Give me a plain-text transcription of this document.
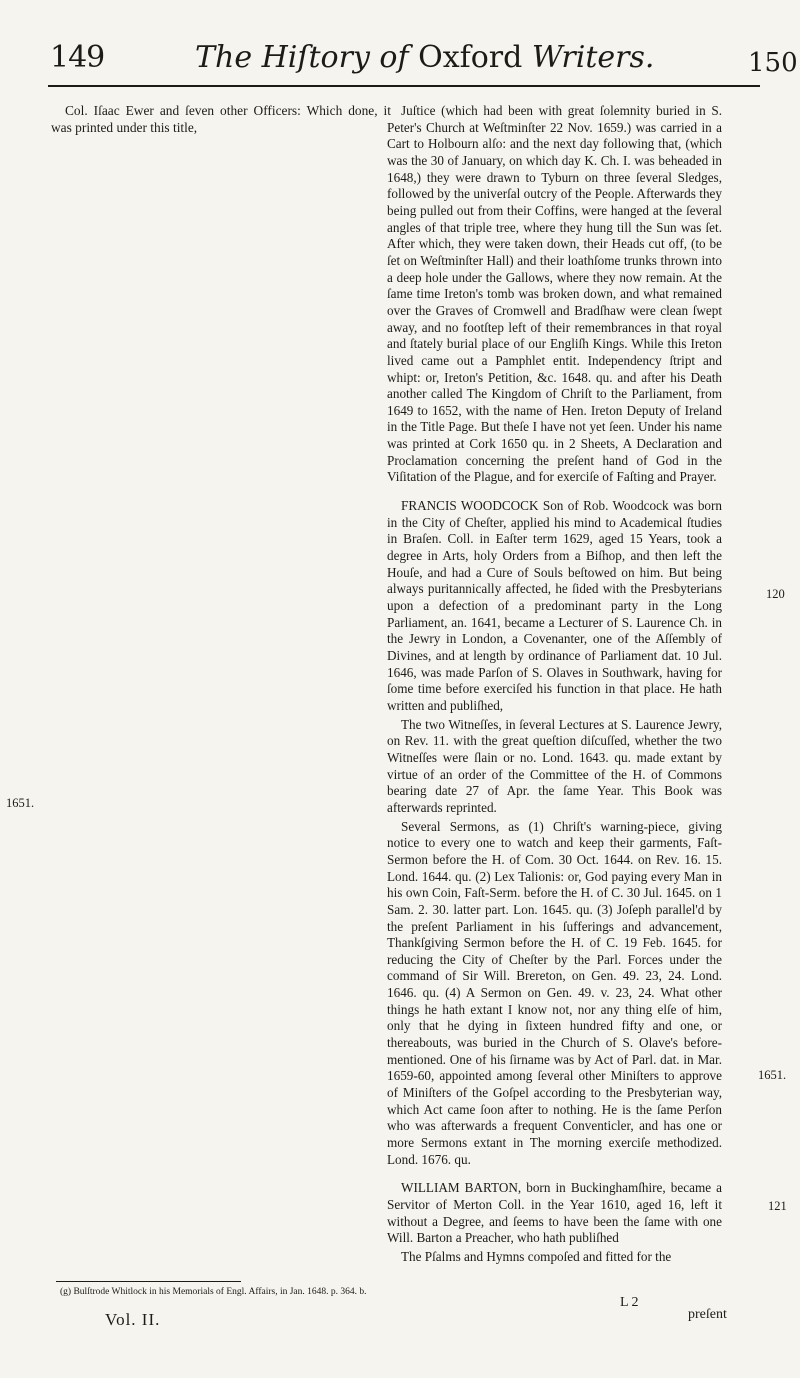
149	The Hiſtory of Oxford Writers.	150

Col. Iſaac Ewer and ſeven other Officers: Which done, it was printed under this title,

1651.

Juſtice (which had been with great ſolemnity buried in S. Peter's Church at Weſtminſter 22 Nov. 1659.) was carried in a Cart to Holbourn alſo: and the next day following that, (which was the 30 of January, on which day K. Ch. I. was beheaded in 1648,) they were drawn to Tyburn on three ſeveral Sledges, followed by the univerſal outcry of the People. Afterwards they being pulled out from their Coffins, were hanged at the ſeveral angles of that triple tree, where they hung till the Sun was ſet. After which, they were taken down, their Heads cut off, (to be ſet on Weſtminſter Hall) and their loathſome trunks thrown into a deep hole under the Gallows, where they now remain. At the ſame time Ireton's tomb was broken down, and what remained over the Graves of Cromwell and Bradſhaw were clean ſwept away, and no footſtep left of their remembrances in that royal and ſtately burial place of our Engliſh Kings. While this Ireton lived came out a Pamphlet entit. Independency ſtript and whipt: or, Ireton's Petition, &c. 1648. qu. and after his Death another called The Kingdom of Chriſt to the Parliament, from 1649 to 1652, with the name of Hen. Ireton Deputy of Ireland in the Title Page. But theſe I have not yet ſeen. Under his name was printed at Cork 1650 qu. in 2 Sheets, A Declaration and Proclamation concerning the preſent hand of God in the Viſitation of the Plague, and for exerciſe of Faſting and Prayer.

FRANCIS WOODCOCK Son of Rob. Woodcock was born in the City of Cheſter, applied his mind to Academical ſtudies in Braſen. Coll. in Eaſter term 1629, aged 15 Years, took a degree in Arts, holy Orders from a Biſhop, and then left the Houſe, and had a Cure of Souls beſtowed on him. But being always puritannically affected, he ſided with the Presbyterians upon a defection of a predominant party in the Long Parliament, an. 1641, became a Lecturer of S. Laurence Ch. in the Jewry in London, a Covenanter, one of the Aſſembly of Divines, and at length by ordinance of Parliament dat. 10 Jul. 1646, was made Parſon of S. Olaves in Southwark, having for ſome time before exerciſed his function in that place. He hath written and publiſhed,

The two Witneſſes, in ſeveral Lectures at S. Laurence Jewry, on Rev. 11. with the great queſtion diſcuſſed, whether the two Witneſſes were ſlain or no. Lond. 1643. qu. made extant by virtue of an order of the Committee of the H. of Commons bearing date 27 of Apr. the ſame Year. This Book was afterwards reprinted.

Several Sermons, as (1) Chriſt's warning-piece, giving notice to every one to watch and keep their garments, Faſt-Sermon before the H. of Com. 30 Oct. 1644. on Rev. 16. 15. Lond. 1644. qu. (2) Lex Talionis: or, God paying every Man in his own Coin, Faſt-Serm. before the H. of C. 30 Jul. 1645. on 1 Sam. 2. 30. latter part. Lon. 1645. qu. (3) Joſeph parallel'd by the preſent Parliament in his ſufferings and advancement, Thankſgiving Sermon before the H. of C. 19 Feb. 1645. for reducing the City of Cheſter by the Parl. Forces under the command of Sir Will. Brereton, on Gen. 49. 23, 24. Lond. 1646. qu. (4) A Sermon on Gen. 49. v. 23, 24. What other things he hath extant I know not, nor any thing elſe of him, only that he dying in ſixteen hundred fifty and one, or thereabouts, was buried in the Church of S. Olave's before-mentioned. One of his ſirname was by Act of Parl. dat. in Mar. 1659-60, appointed among ſeveral other Miniſters to approve of Miniſters of the Goſpel according to the Presbyterian way, which Act came ſoon after to nothing. He is the ſame Perſon who was afterwards a frequent Conventicler, and has one or more Sermons extant in The morning exerciſe methodized. Lond. 1676. qu.

WILLIAM BARTON, born in Buckinghamſhire, became a Servitor of Merton Coll. in the Year 1610, aged 16, left it without a Degree, and ſeems to have been the ſame with one Will. Barton a Preacher, who hath publiſhed

The Pſalms and Hymns compoſed and fitted for the

120
1651.
121
(g) Bulſtrode Whitlock in his Memorials of Engl. Affairs, in Jan. 1648. p. 364. b.
Vol. II.
L 2
preſent
